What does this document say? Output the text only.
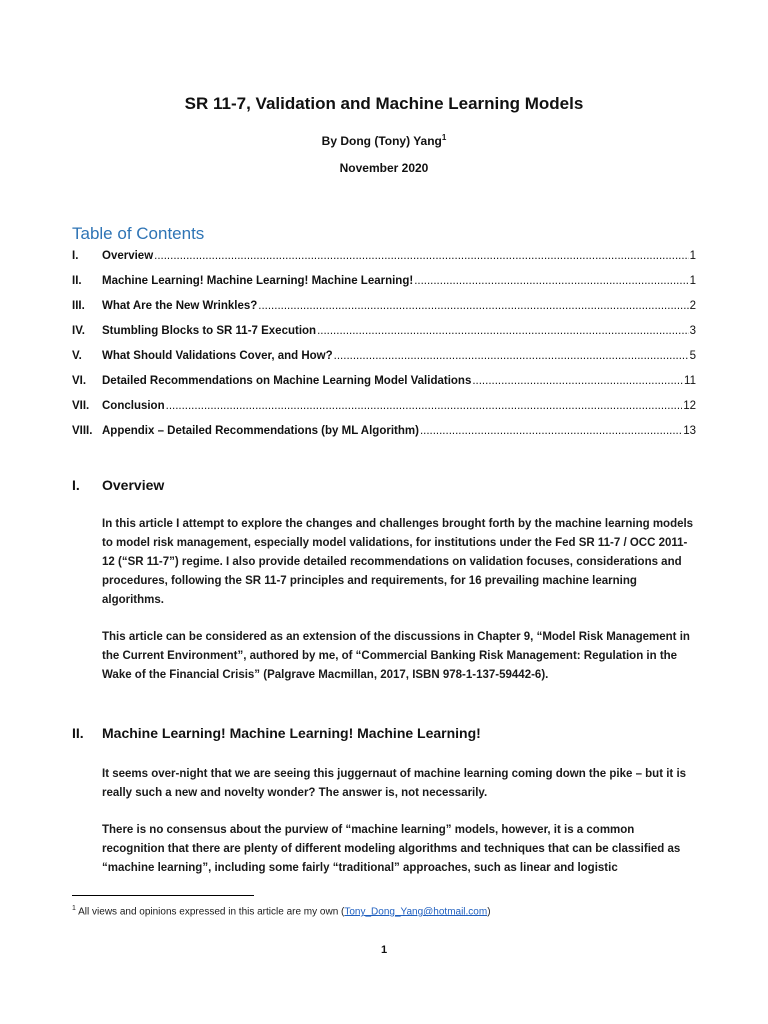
SR 11-7, Validation and Machine Learning Models
By Dong (Tony) Yang$^1$
November 2020
Table of Contents
I.	Overview .....	1
II.	Machine Learning! Machine Learning! Machine Learning! .....	1
III.	What Are the New Wrinkles? .....	2
IV.	Stumbling Blocks to SR 11-7 Execution .....	3
V.	What Should Validations Cover, and How? .....	5
VI.	Detailed Recommendations on Machine Learning Model Validations .....	11
VII.	Conclusion .....	12
VIII. Appendix – Detailed Recommendations (by ML Algorithm) .....	13
I.	Overview
In this article I attempt to explore the changes and challenges brought forth by the machine learning models to model risk management, especially model validations, for institutions under the Fed SR 11-7 / OCC 2011-12 (“SR 11-7”) regime. I also provide detailed recommendations on validation focuses, considerations and procedures, following the SR 11-7 principles and requirements, for 16 prevailing machine learning algorithms.
This article can be considered as an extension of the discussions in Chapter 9, “Model Risk Management in the Current Environment”, authored by me, of “Commercial Banking Risk Management: Regulation in the Wake of the Financial Crisis” (Palgrave Macmillan, 2017, ISBN 978-1-137-59442-6).
II.	Machine Learning! Machine Learning! Machine Learning!
It seems over-night that we are seeing this juggernaut of machine learning coming down the pike – but it is really such a new and novelty wonder? The answer is, not necessarily.
There is no consensus about the purview of “machine learning” models, however, it is a common recognition that there are plenty of different modeling algorithms and techniques that can be classified as “machine learning”, including some fairly “traditional” approaches, such as linear and logistic
$^1$ All views and opinions expressed in this article are my own (Tony_Dong_Yang@hotmail.com)
1
